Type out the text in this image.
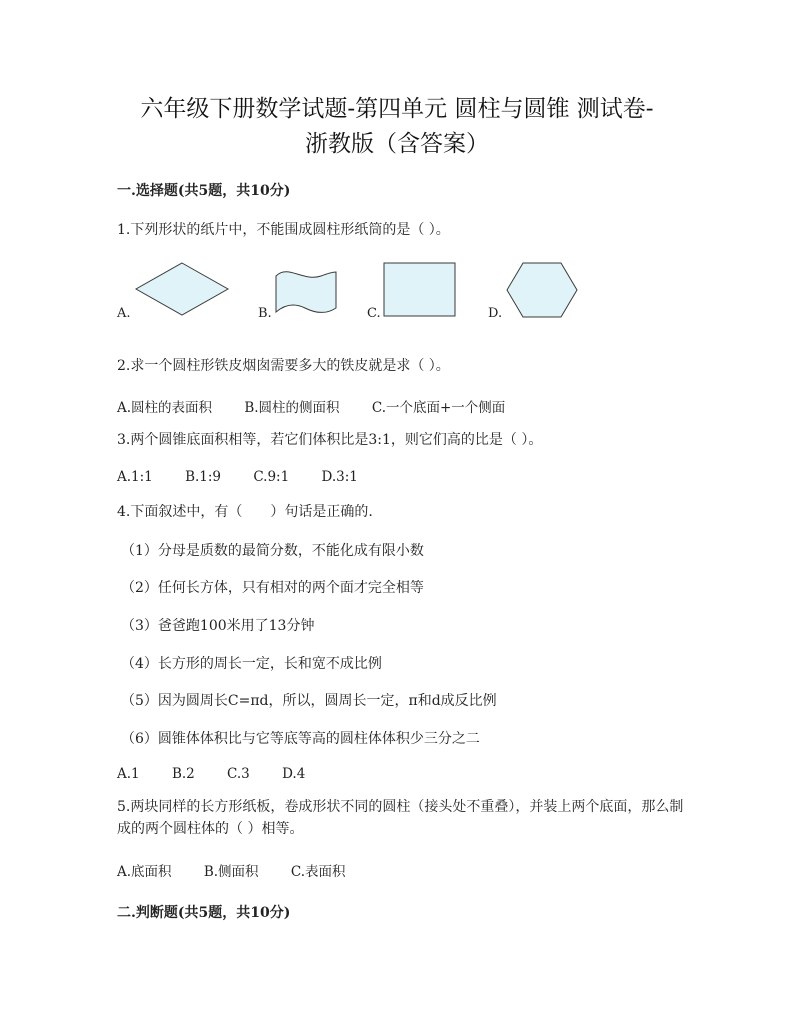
六年级下册数学试题-第四单元 圆柱与圆锥 测试卷-
浙教版（含答案）
一.选择题(共5题，共10分)
1.下列形状的纸片中，不能围成圆柱形纸筒的是（ ）。
A.	B.	C.	D.
2.求一个圆柱形铁皮烟囱需要多大的铁皮就是求（ ）。
A.圆柱的表面积 B.圆柱的侧面积 C.一个底面+一个侧面
3.两个圆锥底面积相等，若它们体积比是3:1，则它们高的比是（ ）。
A.1:1 B.1:9 C.9:1 D.3:1
4.下面叙述中，有（　　）句话是正确的.
（1）分母是质数的最简分数，不能化成有限小数
（2）任何长方体，只有相对的两个面才完全相等
（3）爸爸跑100米用了13分钟
（4）长方形的周长一定，长和宽不成比例
（5）因为圆周长C=πd，所以，圆周长一定，π和d成反比例
（6）圆锥体体积比与它等底等高的圆柱体体积少三分之二
A.1 B.2 C.3 D.4
5.两块同样的长方形纸板，卷成形状不同的圆柱（接头处不重叠），并装上两个底面，那么制成的两个圆柱体的（ ）相等。
A.底面积 B.侧面积 C.表面积
二.判断题(共5题，共10分)
